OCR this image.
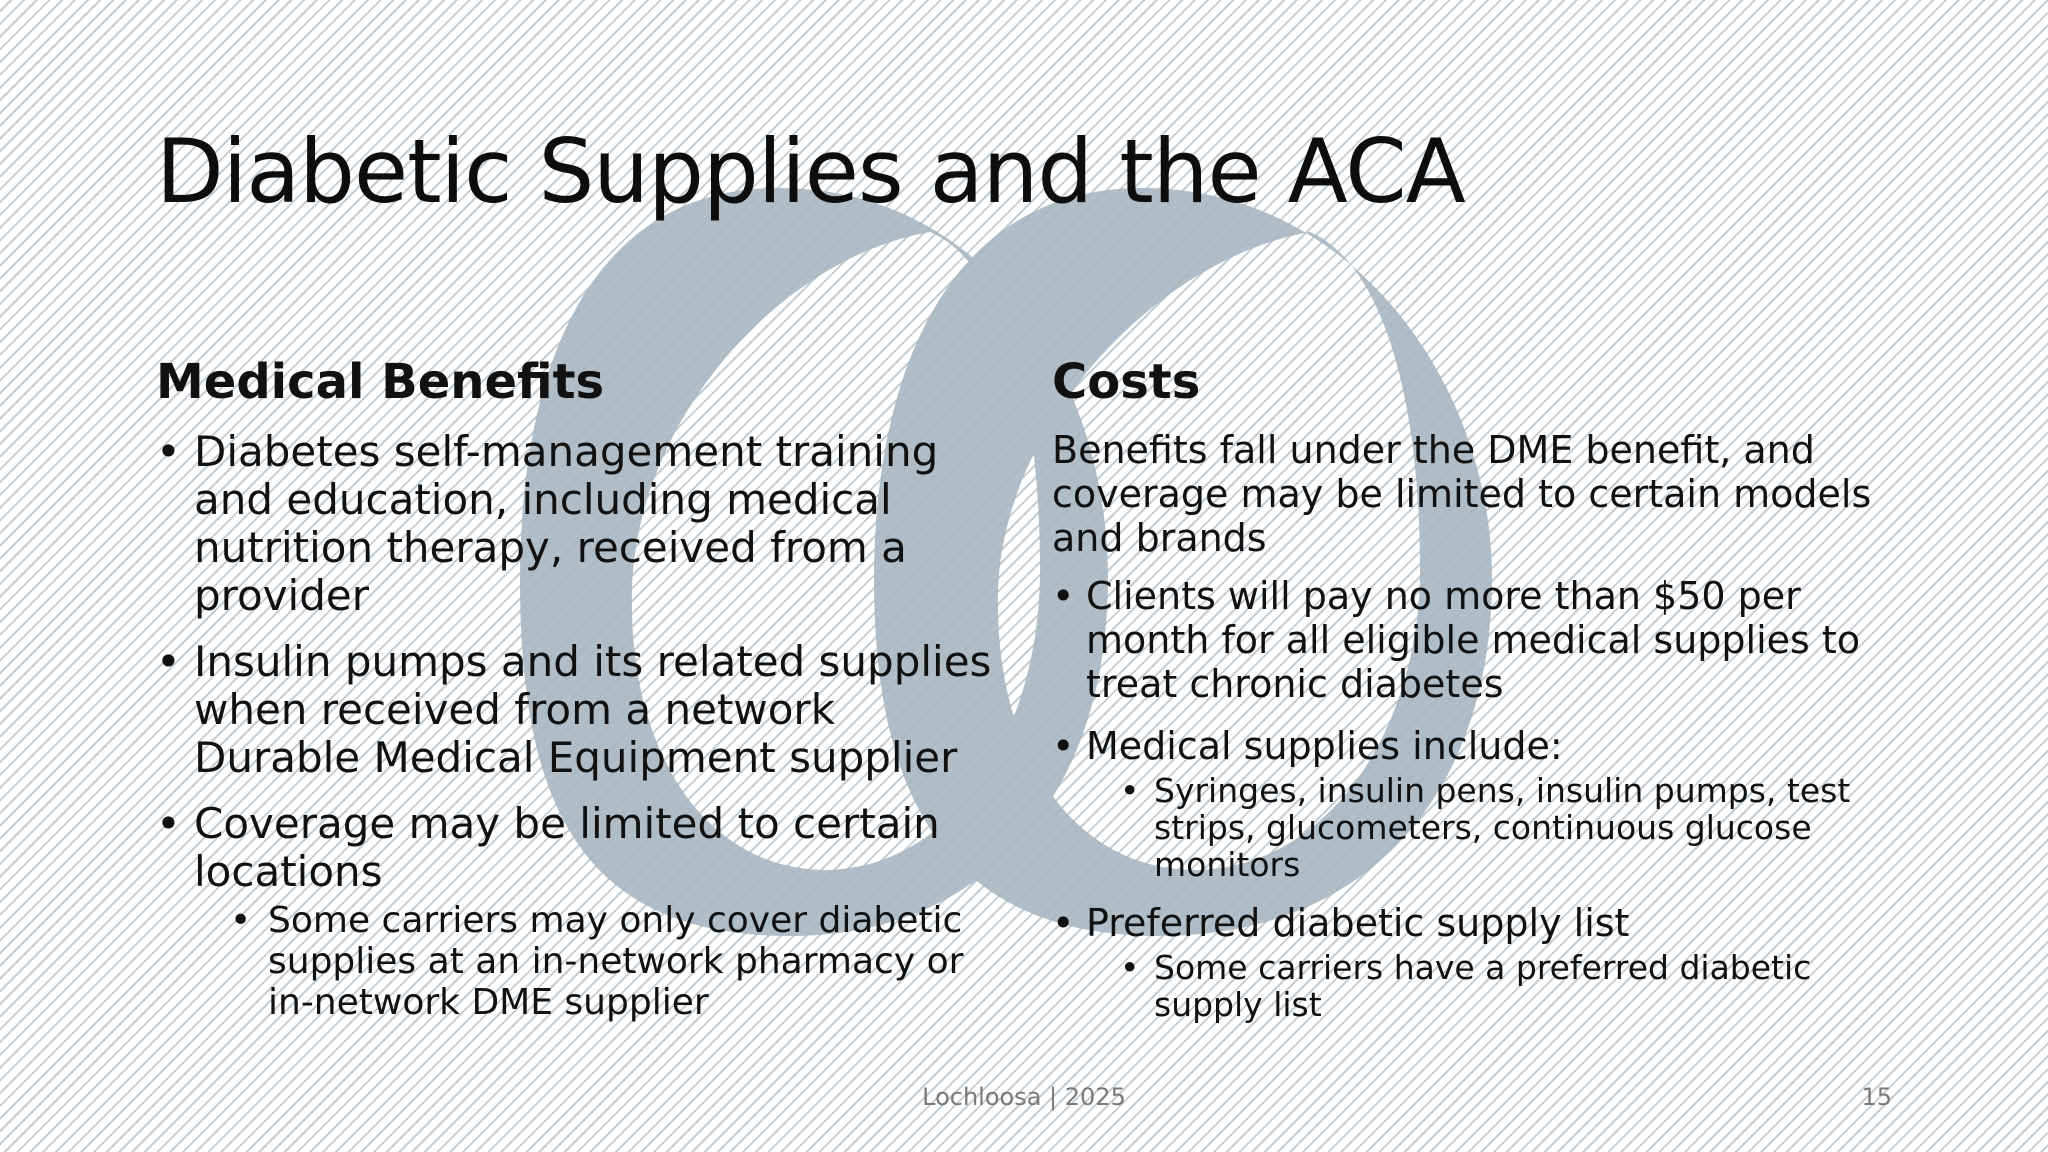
Diabetic Supplies and the ACA
Medical Benefits
• Diabetes self-management training and education, including medical nutrition therapy, received from a provider
• Insulin pumps and its related supplies when received from a network Durable Medical Equipment supplier
• Coverage may be limited to certain locations
• Some carriers may only cover diabetic supplies at an in-network pharmacy or in-network DME supplier
Costs

Benefits fall under the DME benefit, and coverage may be limited to certain models and brands

• Clients will pay no more than $50 per month for all eligible medical supplies to treat chronic diabetes
• Medical supplies include:
• Syringes, insulin pens, insulin pumps, test strips, glucometers, continuous glucose monitors
• Preferred diabetic supply list
• Some carriers have a preferred diabetic supply list
Lochloosa | 2025	15
